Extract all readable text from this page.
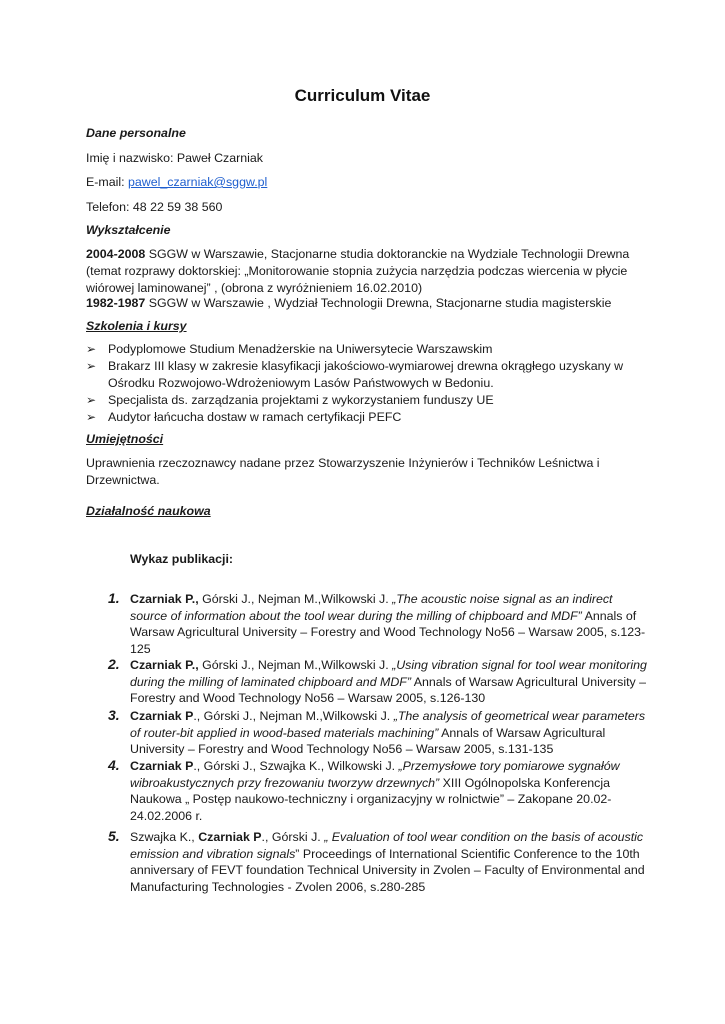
Curriculum Vitae
Dane personalne
Imię i nazwisko: Paweł Czarniak
E-mail: pawel_czarniak@sggw.pl
Telefon: 48 22 59 38 560
Wykształcenie
2004-2008 SGGW w Warszawie, Stacjonarne studia doktoranckie na Wydziale Technologii Drewna (temat rozprawy doktorskiej: „Monitorowanie stopnia zużycia narzędzia podczas wiercenia w płycie wiórowej laminowanej” , (obrona z wyróżnieniem 16.02.2010)
1982-1987 SGGW w Warszawie , Wydział Technologii Drewna, Stacjonarne studia magisterskie
Szkolenia i kursy
➢ Podyplomowe Studium Menadżerskie na Uniwersytecie Warszawskim
➢ Brakarz III klasy w zakresie klasyfikacji jakościowo-wymiarowej drewna okrągłego uzyskany w Ośrodku Rozwojowo-Wdrożeniowym Lasów Państwowych w Bedoniu.
➢ Specjalista ds. zarządzania projektami z wykorzystaniem funduszy UE
➢ Audytor łańcucha dostaw w ramach certyfikacji PEFC
Umiejętności
Uprawnienia rzeczoznawcy nadane przez Stowarzyszenie Inżynierów i Techników Leśnictwa i Drzewnictwa.
Działalność naukowa
Wykaz publikacji:
1. Czarniak P., Górski J., Nejman M.,Wilkowski J. „The acoustic noise signal as an indirect source of information about the tool wear during the milling of chipboard and MDF” Annals of Warsaw Agricultural University – Forestry and Wood Technology No56 – Warsaw 2005, s.123-125
2. Czarniak P., Górski J., Nejman M.,Wilkowski J. „Using vibration signal for tool wear monitoring during the milling of laminated chipboard and MDF” Annals of Warsaw Agricultural University – Forestry and Wood Technology No56 – Warsaw 2005, s.126-130
3. Czarniak P., Górski J., Nejman M.,Wilkowski J. „The analysis of geometrical wear parameters of router-bit applied in wood-based materials machining” Annals of Warsaw Agricultural University – Forestry and Wood Technology No56 – Warsaw 2005, s.131-135
4. Czarniak P., Górski J., Szwajka K., Wilkowski J. „Przemysłowe tory pomiarowe sygnałów wibroakustycznych przy frezowaniu tworzyw drzewnych” XIII Ogólnopolska Konferencja Naukowa „ Postęp naukowo-techniczny i organizacyjny w rolnictwie” – Zakopane 20.02-24.02.2006 r.
5. Szwajka K., Czarniak P., Górski J. „ Evaluation of tool wear condition on the basis of acoustic emission and vibration signals” Proceedings of International Scientific Conference to the 10th anniversary of FEVT foundation Technical University in Zvolen – Faculty of Environmental and Manufacturing Technologies - Zvolen 2006, s.280-285
